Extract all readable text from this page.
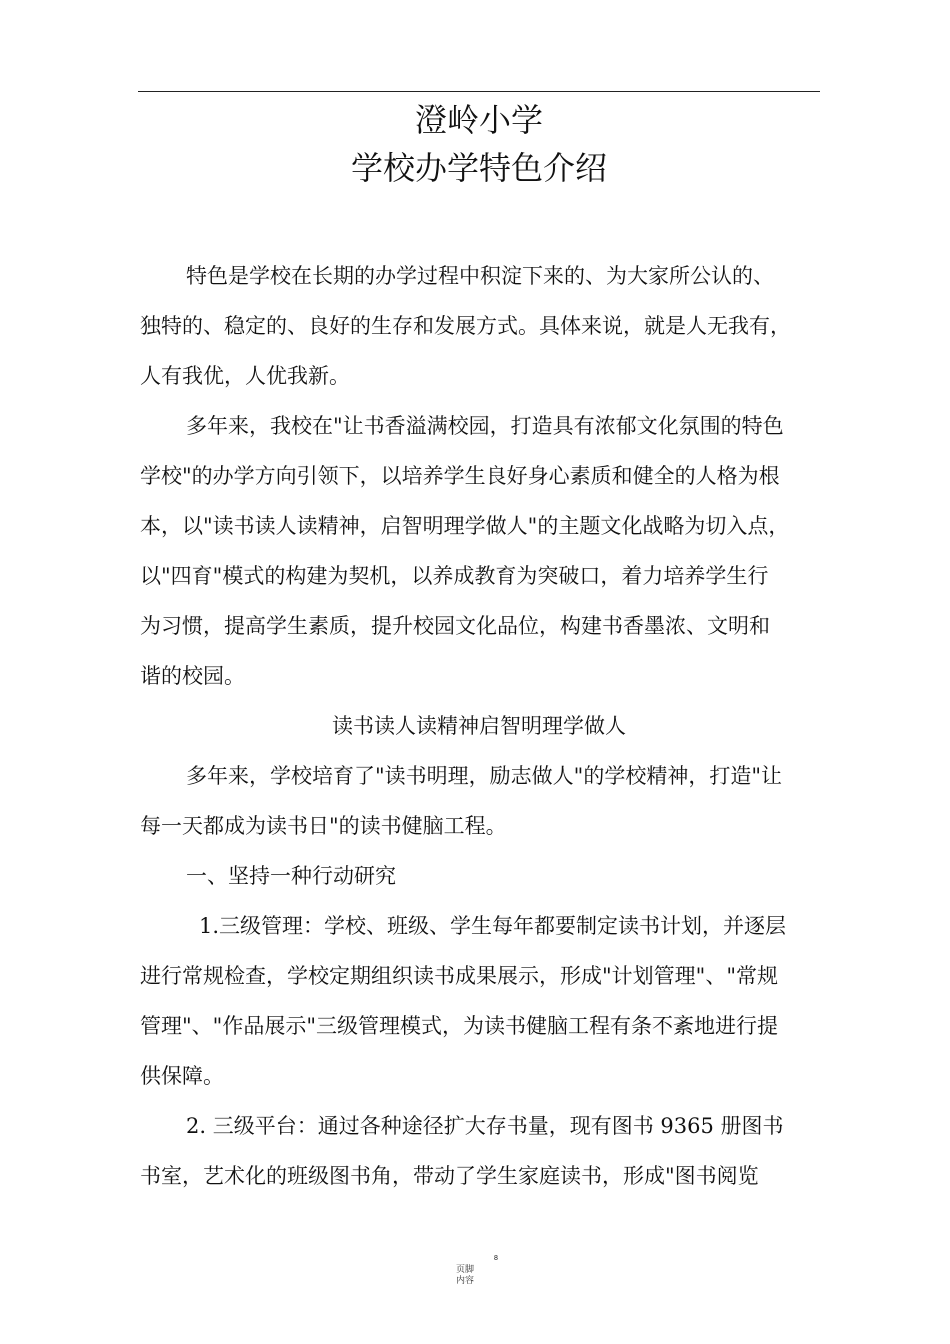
澄岭小学
学校办学特色介绍
特色是学校在长期的办学过程中积淀下来的、为大家所公认的、
独特的、稳定的、良好的生存和发展方式。具体来说，就是人无我有，
人有我优，人优我新。
多年来，我校在"让书香溢满校园，打造具有浓郁文化氛围的特色
学校"的办学方向引领下，以培养学生良好身心素质和健全的人格为根
本，以"读书读人读精神，启智明理学做人"的主题文化战略为切入点，
以"四育"模式的构建为契机，以养成教育为突破口，着力培养学生行
为习惯，提高学生素质，提升校园文化品位，构建书香墨浓、文明和
谐的校园。
读书读人读精神启智明理学做人
多年来，学校培育了"读书明理，励志做人"的学校精神，打造"让
每一天都成为读书日"的读书健脑工程。
一、坚持一种行动研究
1.三级管理：学校、班级、学生每年都要制定读书计划，并逐层
进行常规检查，学校定期组织读书成果展示，形成"计划管理"、"常规
管理"、"作品展示"三级管理模式，为读书健脑工程有条不紊地进行提
供保障。
2. 三级平台：通过各种途径扩大存书量，现有图书 9365 册图书
书室，艺术化的班级图书角，带动了学生家庭读书，形成"图书阅览
8
页脚
内容
